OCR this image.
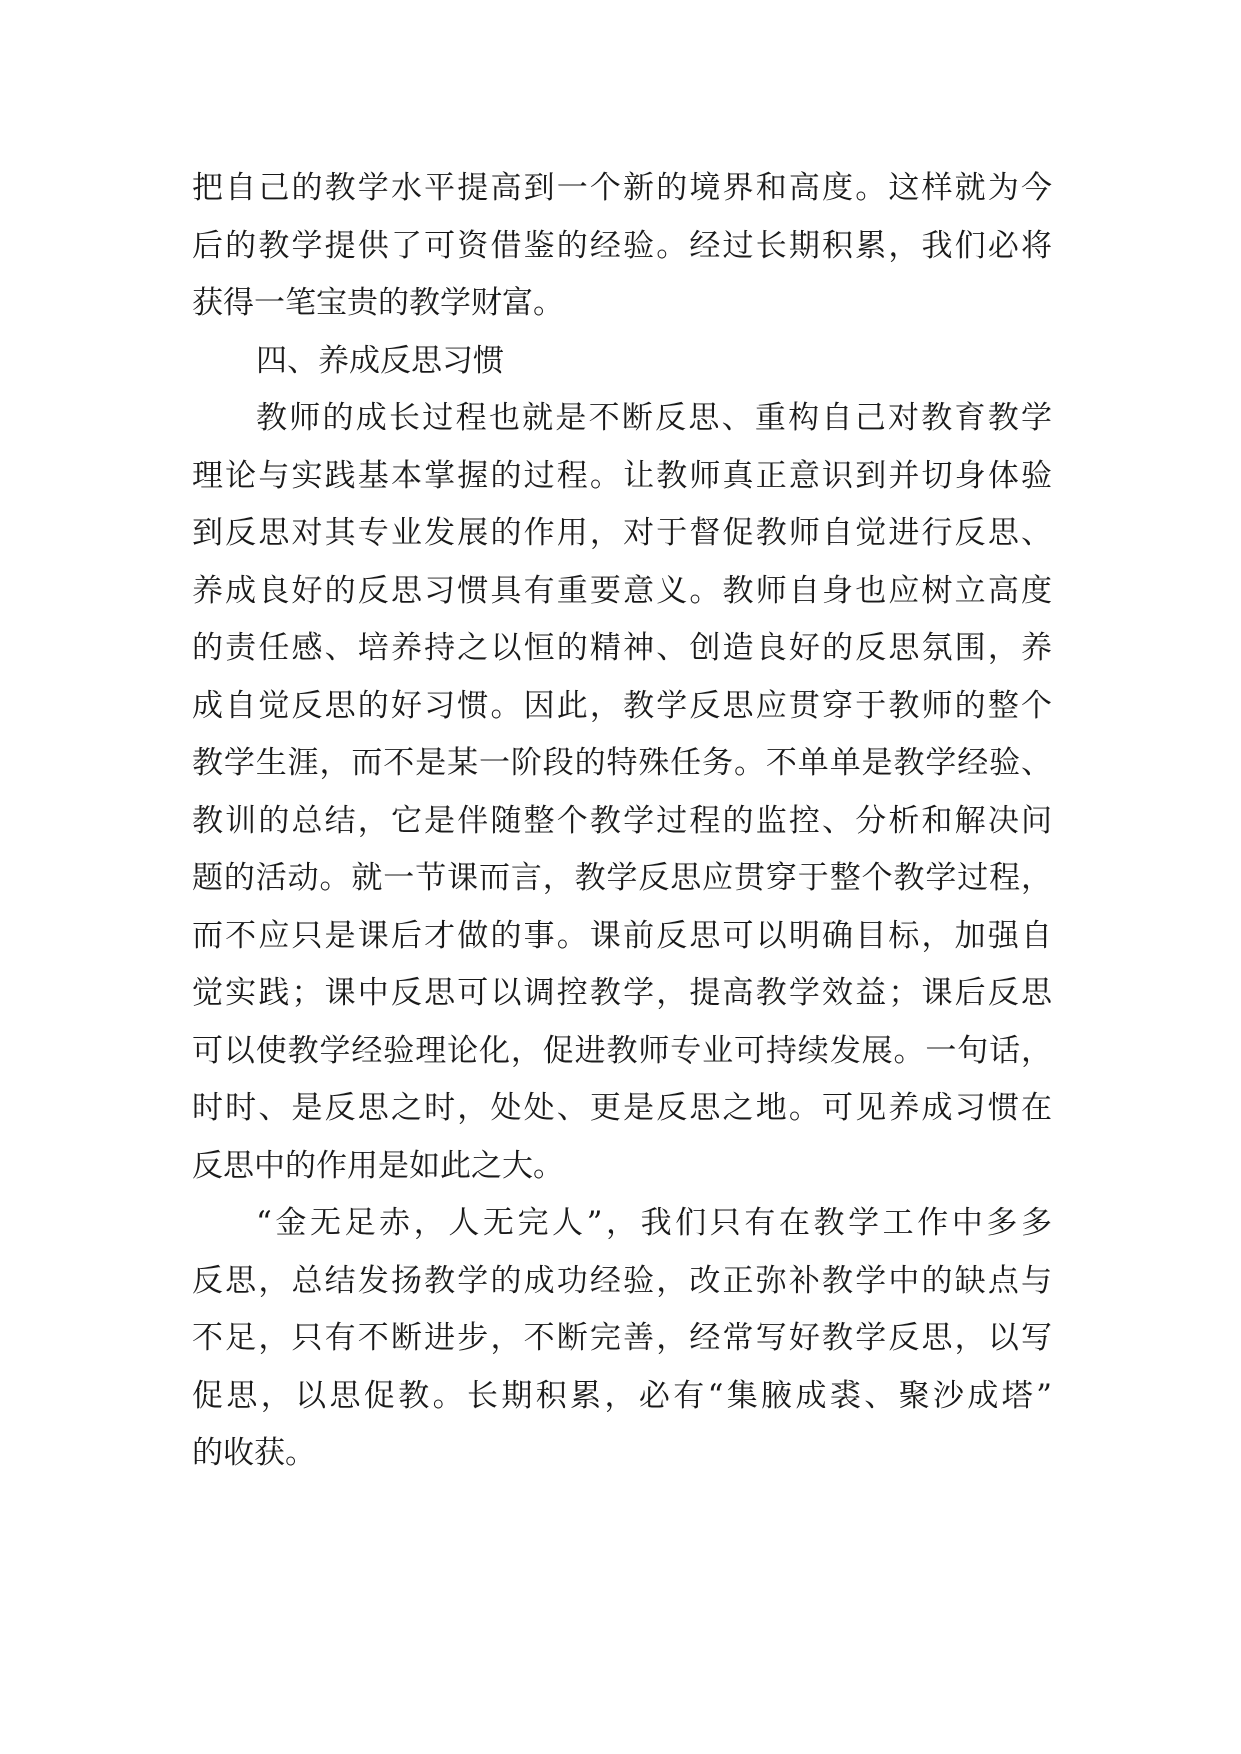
把自己的教学水平提高到一个新的境界和高度。这样就为今
后的教学提供了可资借鉴的经验。经过长期积累，我们必将
获得一笔宝贵的教学财富。
四、养成反思习惯
教师的成长过程也就是不断反思、重构自己对教育教学
理论与实践基本掌握的过程。让教师真正意识到并切身体验
到反思对其专业发展的作用，对于督促教师自觉进行反思、
养成良好的反思习惯具有重要意义。教师自身也应树立高度
的责任感、培养持之以恒的精神、创造良好的反思氛围，养
成自觉反思的好习惯。因此，教学反思应贯穿于教师的整个
教学生涯，而不是某一阶段的特殊任务。不单单是教学经验、
教训的总结，它是伴随整个教学过程的监控、分析和解决问
题的活动。就一节课而言，教学反思应贯穿于整个教学过程，
而不应只是课后才做的事。课前反思可以明确目标，加强自
觉实践；课中反思可以调控教学，提高教学效益；课后反思
可以使教学经验理论化，促进教师专业可持续发展。一句话，
时时、是反思之时，处处、更是反思之地。可见养成习惯在
反思中的作用是如此之大。
“金无足赤，人无完人”，我们只有在教学工作中多多
反思，总结发扬教学的成功经验，改正弥补教学中的缺点与
不足，只有不断进步，不断完善，经常写好教学反思，以写
促思，以思促教。长期积累，必有“集腋成裘、聚沙成塔”
的收获。
